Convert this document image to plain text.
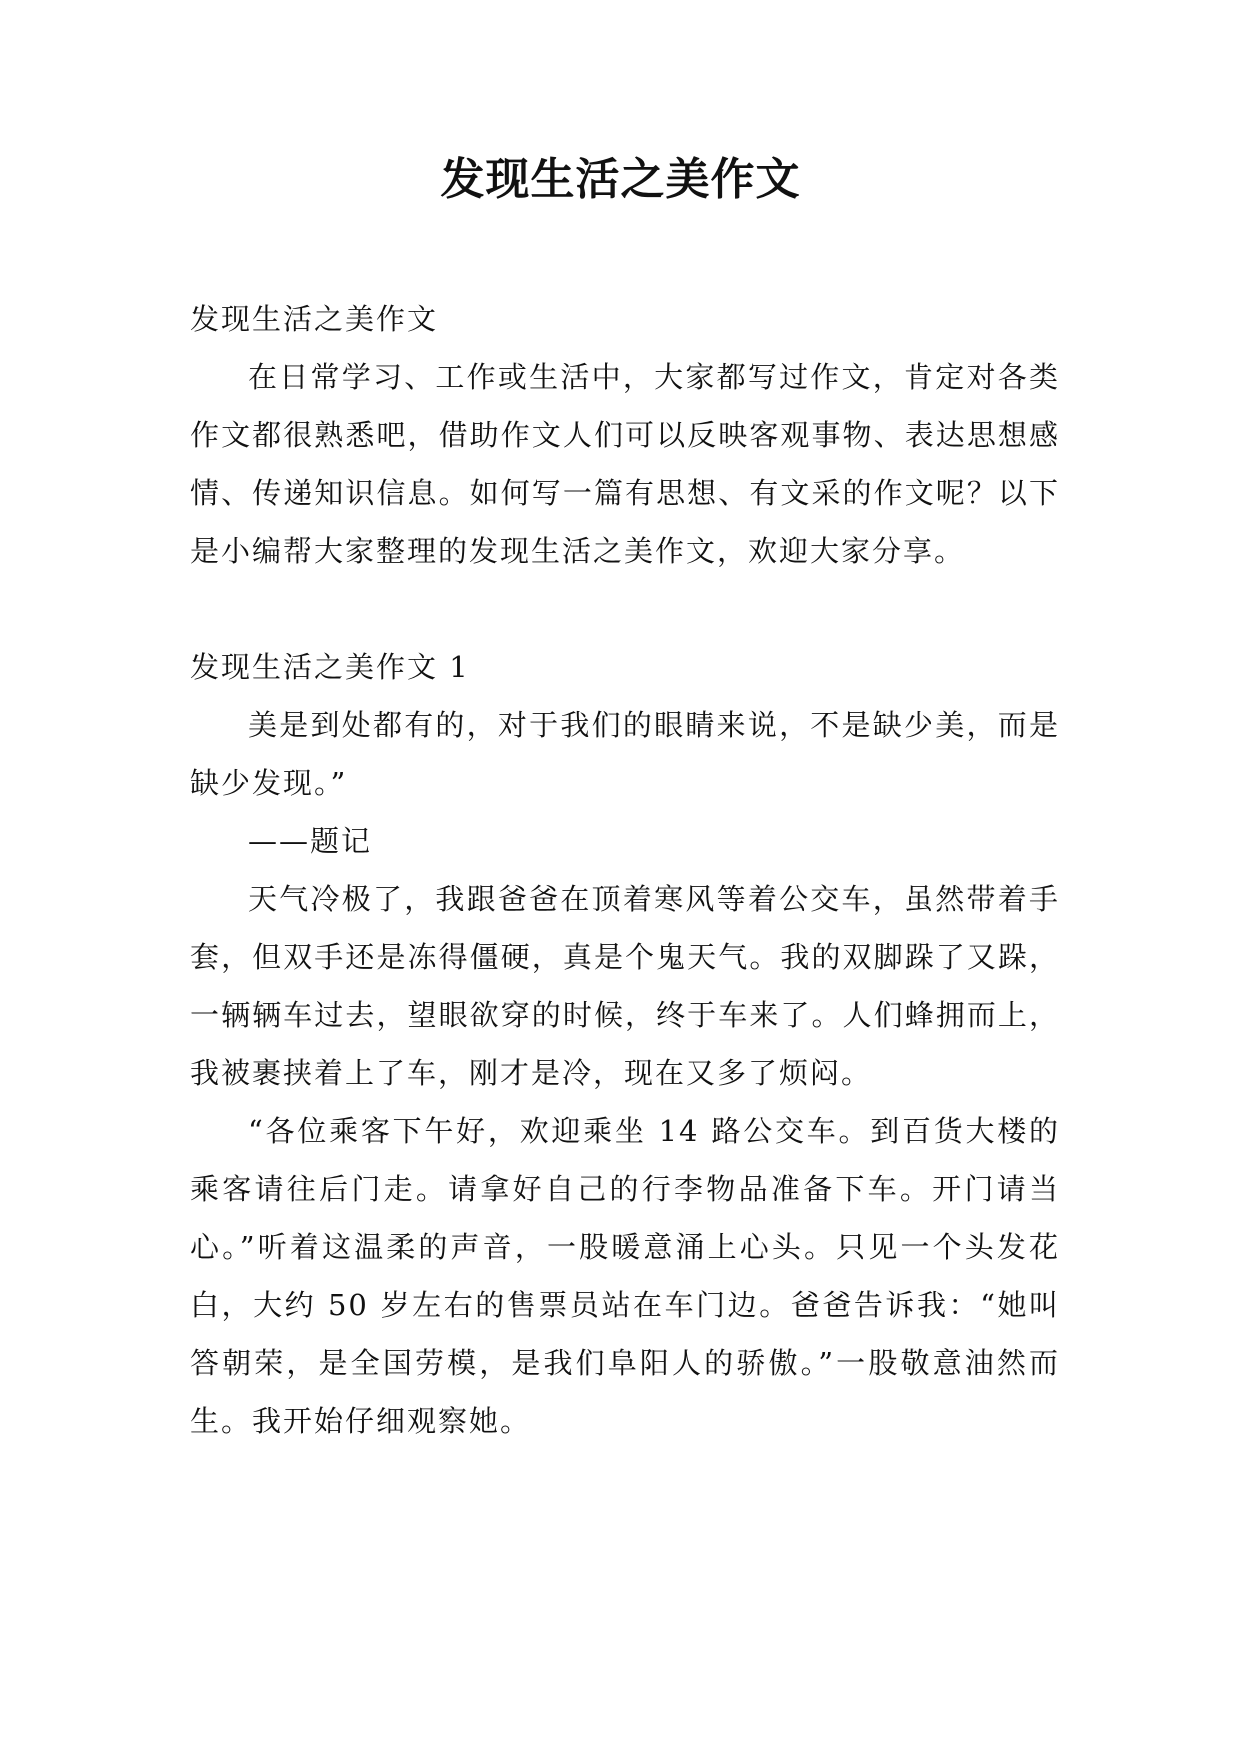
发现生活之美作文

发现生活之美作文

在日常学习、工作或生活中，大家都写过作文，肯定对各类作文都很熟悉吧，借助作文人们可以反映客观事物、表达思想感情、传递知识信息。如何写一篇有思想、有文采的作文呢？以下是小编帮大家整理的发现生活之美作文，欢迎大家分享。

发现生活之美作文 1

美是到处都有的，对于我们的眼睛来说，不是缺少美，而是缺少发现。”

——题记

天气冷极了，我跟爸爸在顶着寒风等着公交车，虽然带着手套，但双手还是冻得僵硬，真是个鬼天气。我的双脚跺了又跺，一辆辆车过去，望眼欲穿的时候，终于车来了。人们蜂拥而上，我被裹挟着上了车，刚才是冷，现在又多了烦闷。

“各位乘客下午好，欢迎乘坐 14 路公交车。到百货大楼的乘客请往后门走。请拿好自己的行李物品准备下车。开门请当心。”听着这温柔的声音，一股暖意涌上心头。只见一个头发花白，大约 50 岁左右的售票员站在车门边。爸爸告诉我：“她叫答朝荣，是全国劳模，是我们阜阳人的骄傲。”一股敬意油然而生。我开始仔细观察她。
